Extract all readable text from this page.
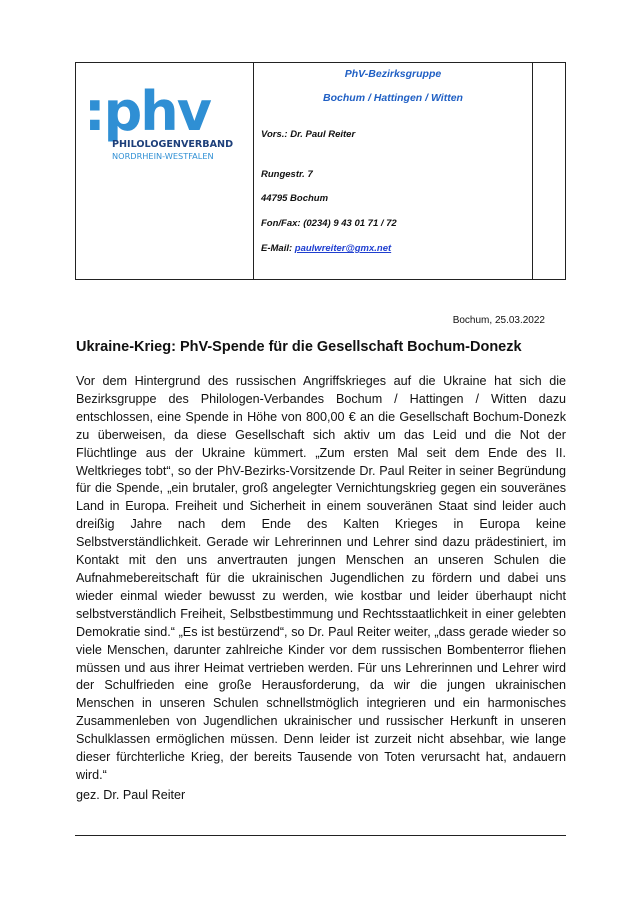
:phv
PHILOLOGENVERBAND
NORDRHEIN-WESTFALEN
PhV-Bezirksgruppe
Bochum / Hattingen / Witten
Vors.: Dr. Paul Reiter
Rungestr. 7
44795 Bochum
Fon/Fax: (0234) 9 43 01 71 / 72
E-Mail: paulwreiter@gmx.net
Bochum, 25.03.2022
Ukraine-Krieg: PhV-Spende für die Gesellschaft Bochum-Donezk
Vor dem Hintergrund des russischen Angriffskrieges auf die Ukraine hat sich die Bezirksgruppe des Philologen-Verbandes Bochum / Hattingen / Witten dazu entschlossen, eine Spende in Höhe von 800,00 € an die Gesellschaft Bochum-Donezk zu überweisen, da diese Gesellschaft sich aktiv um das Leid und die Not der Flüchtlinge aus der Ukraine kümmert. „Zum ersten Mal seit dem Ende des II. Weltkrieges tobt“, so der PhV-Bezirks-Vorsitzende Dr. Paul Reiter in seiner Begründung für die Spende, „ein brutaler, groß angelegter Vernichtungskrieg gegen ein souveränes Land in Europa. Freiheit und Sicherheit in einem souveränen Staat sind leider auch dreißig Jahre nach dem Ende des Kalten Krieges in Europa keine Selbstverständlichkeit. Gerade wir Lehrerinnen und Lehrer sind dazu prädestiniert, im Kontakt mit den uns anvertrauten jungen Menschen an unseren Schulen die Aufnahmebereitschaft für die ukrainischen Jugendlichen zu fördern und dabei uns wieder einmal wieder bewusst zu werden, wie kostbar und leider überhaupt nicht selbstverständlich Freiheit, Selbstbestimmung und Rechtsstaatlichkeit in einer gelebten Demokratie sind.“ „Es ist bestürzend“, so Dr. Paul Reiter weiter, „dass gerade wieder so viele Menschen, darunter zahlreiche Kinder vor dem russischen Bombenterror fliehen müssen und aus ihrer Heimat vertrieben werden. Für uns Lehrerinnen und Lehrer wird der Schulfrieden eine große Herausforderung, da wir die jungen ukrainischen Menschen in unseren Schulen schnellstmöglich integrieren und ein harmonisches Zusammenleben von Jugendlichen ukrainischer und russischer Herkunft in unseren Schulklassen ermöglichen müssen. Denn leider ist zurzeit nicht absehbar, wie lange dieser fürchterliche Krieg, der bereits Tausende von Toten verursacht hat, andauern wird.“
gez. Dr. Paul Reiter
